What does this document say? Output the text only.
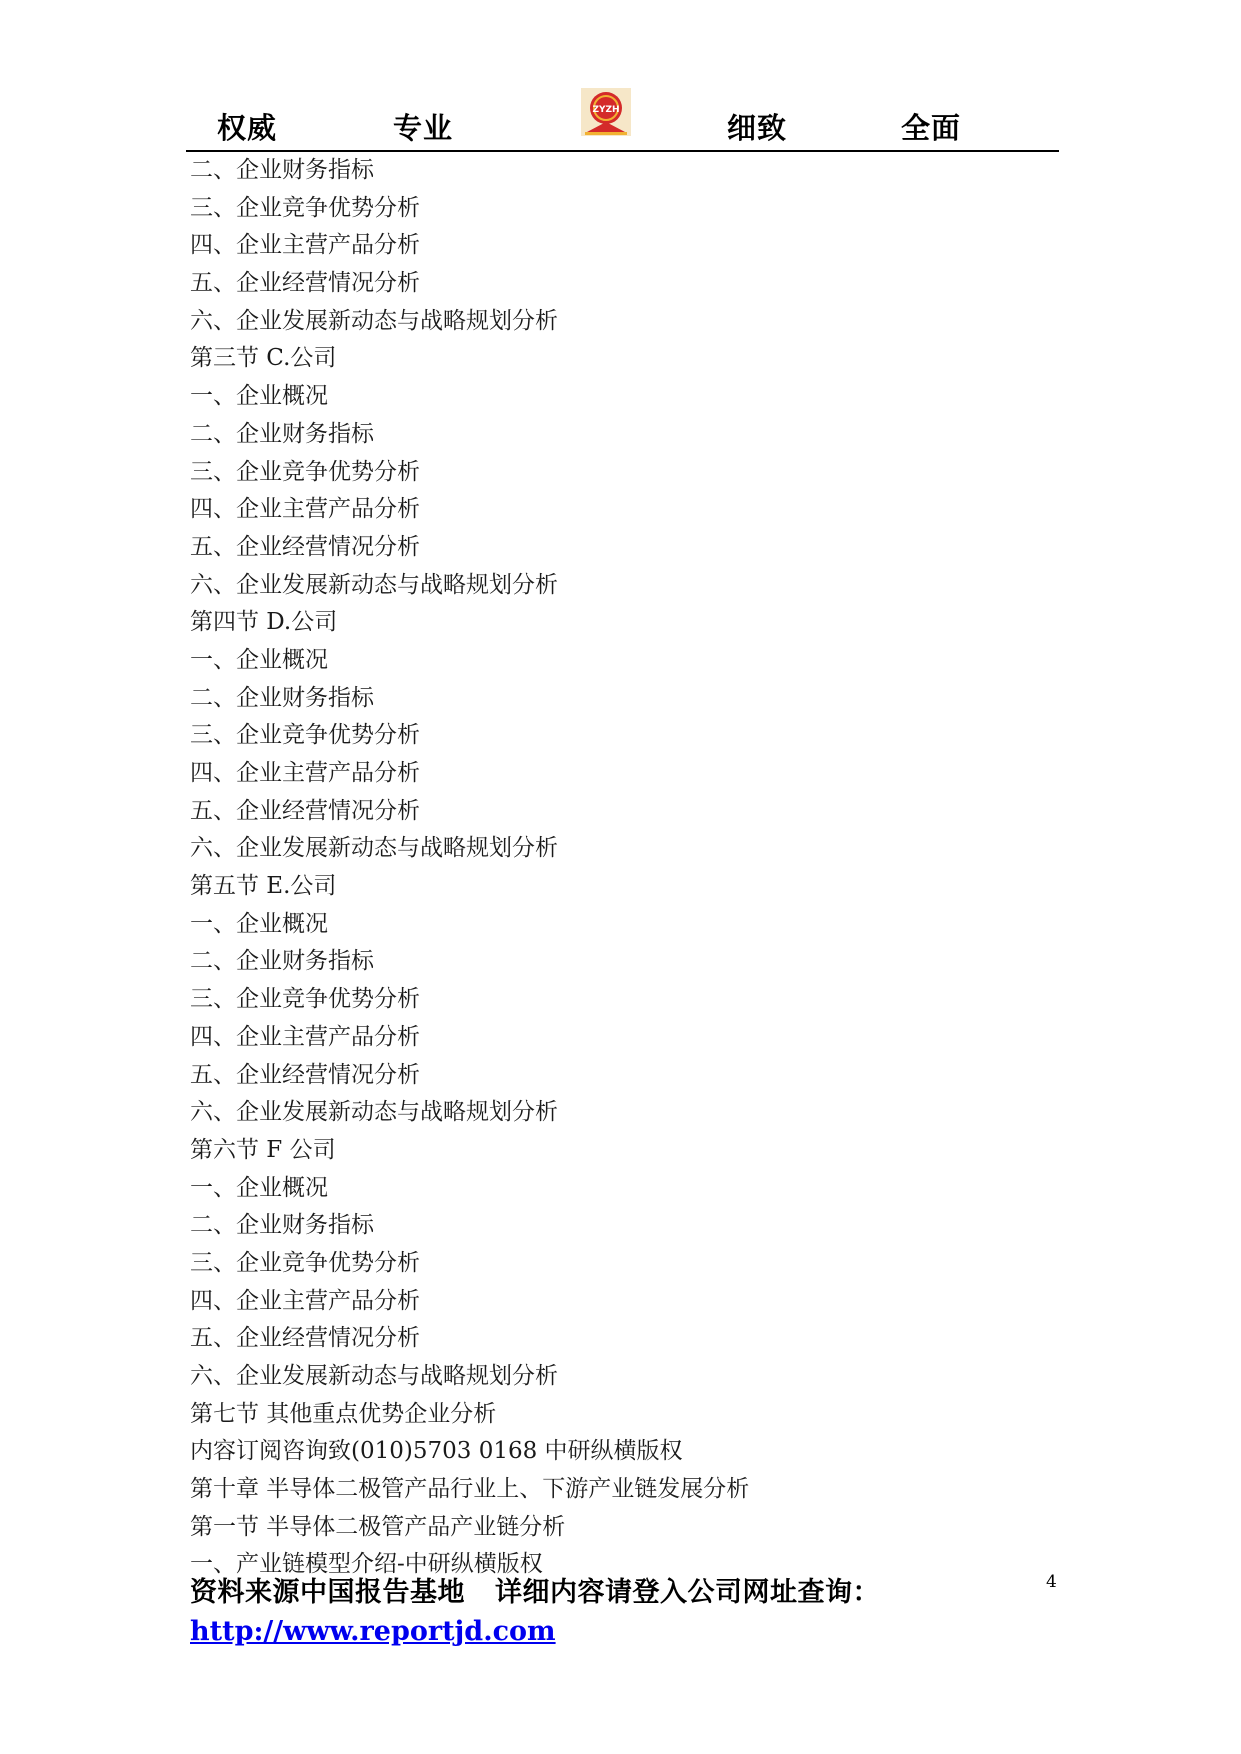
权威	专业
ZYZH
细致	全面
二、企业财务指标
三、企业竞争优势分析
四、企业主营产品分析
五、企业经营情况分析
六、企业发展新动态与战略规划分析
第三节 C.公司
一、企业概况
二、企业财务指标
三、企业竞争优势分析
四、企业主营产品分析
五、企业经营情况分析
六、企业发展新动态与战略规划分析
第四节 D.公司
一、企业概况
二、企业财务指标
三、企业竞争优势分析
四、企业主营产品分析
五、企业经营情况分析
六、企业发展新动态与战略规划分析
第五节 E.公司
一、企业概况
二、企业财务指标
三、企业竞争优势分析
四、企业主营产品分析
五、企业经营情况分析
六、企业发展新动态与战略规划分析
第六节 F 公司
一、企业概况
二、企业财务指标
三、企业竞争优势分析
四、企业主营产品分析
五、企业经营情况分析
六、企业发展新动态与战略规划分析
第七节 其他重点优势企业分析
内容订阅咨询致(010)5703 0168 中研纵横版权
第十章 半导体二极管产品行业上、下游产业链发展分析
第一节 半导体二极管产品产业链分析
一、产业链模型介绍-中研纵横版权
资料来源中国报告基地 详细内容请登入公司网址查询：
http://www.reportjd.com
4
